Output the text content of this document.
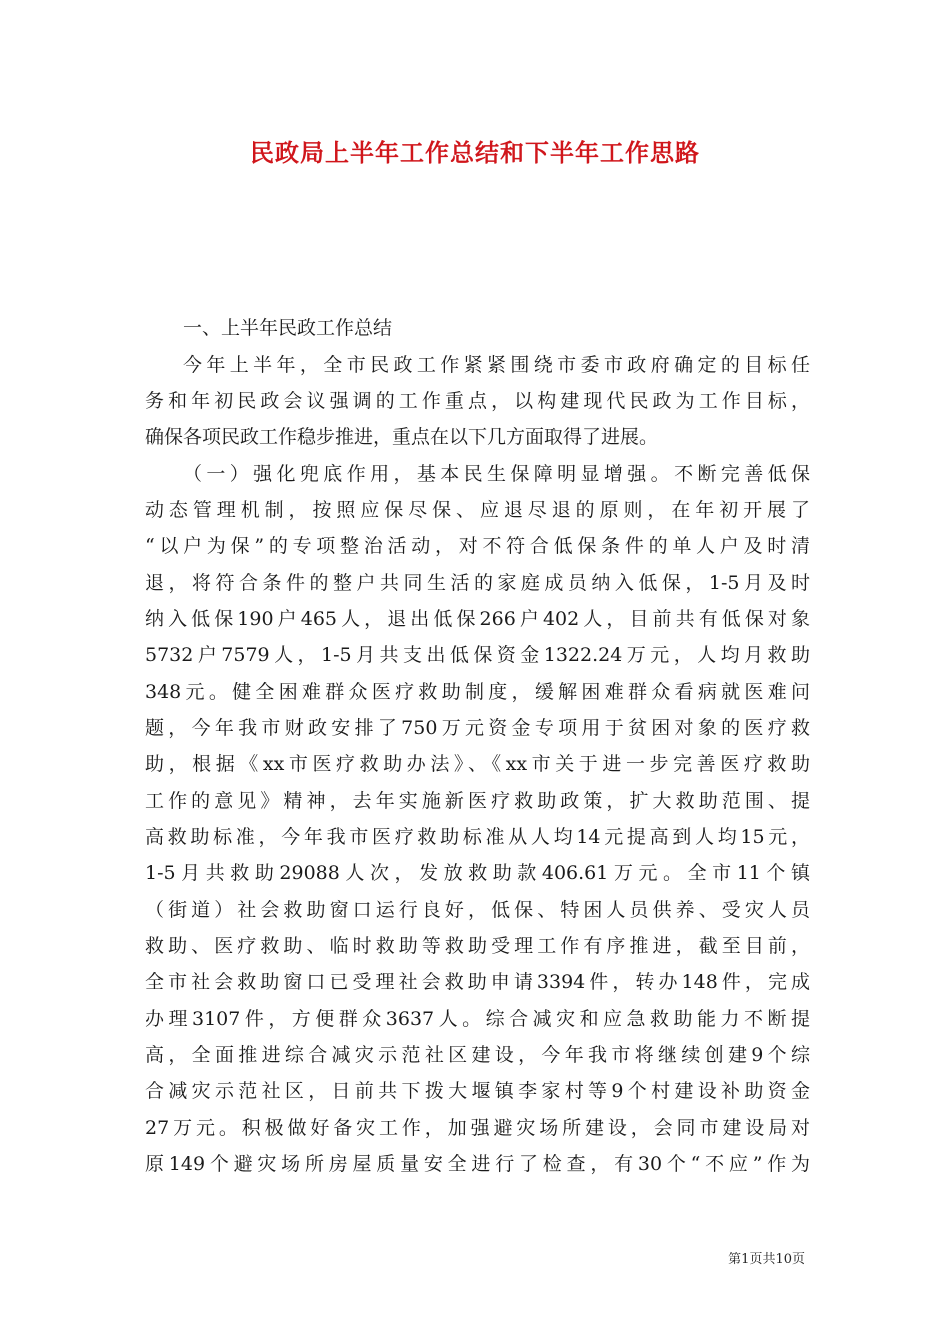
民政局上半年工作总结和下半年工作思路
一、上半年民政工作总结
今年上半年，全市民政工作紧紧围绕市委市政府确定的目标任
务和年初民政会议强调的工作重点，以构建现代民政为工作目标，
确保各项民政工作稳步推进，重点在以下几方面取得了进展。
（一）强化兜底作用，基本民生保障明显增强。不断完善低保
动态管理机制，按照应保尽保、应退尽退的原则，在年初开展了
“以户为保”的专项整治活动，对不符合低保条件的单人户及时清
退，将符合条件的整户共同生活的家庭成员纳入低保，1-5月及时
纳入低保190户465人，退出低保266户402人，目前共有低保对象
5732户7579人，1-5月共支出低保资金1322.24万元，人均月救助
348元。健全困难群众医疗救助制度，缓解困难群众看病就医难问
题，今年我市财政安排了750万元资金专项用于贫困对象的医疗救
助，根据《xx市医疗救助办法》、《xx市关于进一步完善医疗救助
工作的意见》精神，去年实施新医疗救助政策，扩大救助范围、提
高救助标准，今年我市医疗救助标准从人均14元提高到人均15元，
1-5月共救助29088人次，发放救助款406.61万元。全市11个镇
（街道）社会救助窗口运行良好，低保、特困人员供养、受灾人员
救助、医疗救助、临时救助等救助受理工作有序推进，截至目前，
全市社会救助窗口已受理社会救助申请3394件，转办148件，完成
办理3107件，方便群众3637人。综合减灾和应急救助能力不断提
高，全面推进综合减灾示范社区建设，今年我市将继续创建9个综
合减灾示范社区，日前共下拨大堰镇李家村等9个村建设补助资金
27万元。积极做好备灾工作，加强避灾场所建设，会同市建设局对
原149个避灾场所房屋质量安全进行了检查，有30个“不应”作为
第1页共10页
